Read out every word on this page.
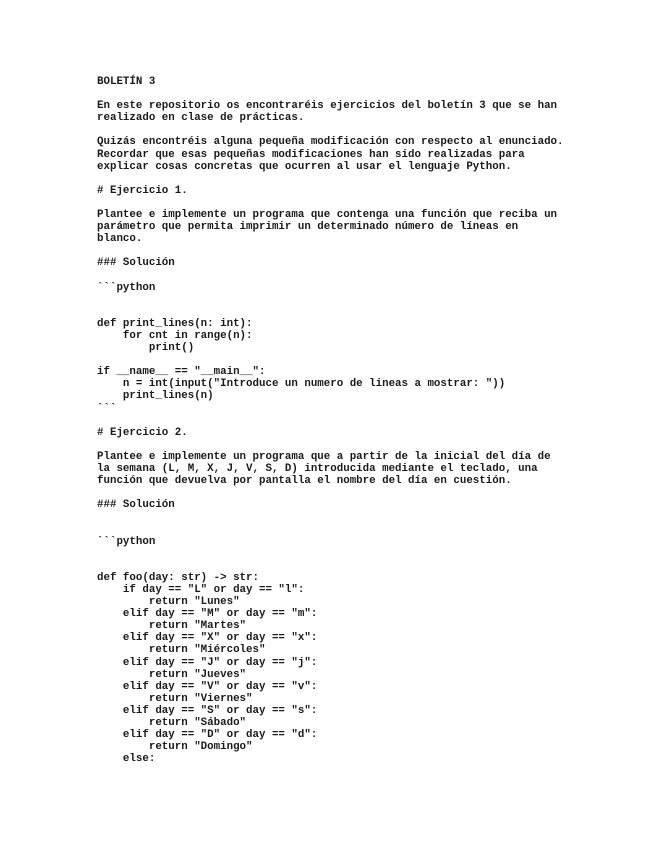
BOLETÍN 3
En este repositorio os encontraréis ejercicios del boletín 3 que se han
realizado en clase de prácticas.
Quizás encontréis alguna pequeña modificación con respecto al enunciado.
Recordar que esas pequeñas modificaciones han sido realizadas para
explicar cosas concretas que ocurren al usar el lenguaje Python.
# Ejercicio 1.
Plantee e implemente un programa que contenga una función que reciba un
parámetro que permita imprimir un determinado número de líneas en
blanco.
### Solución
```python
def print_lines(n: int):
for cnt in range(n):
print()
if __name__ == "__main__":
n = int(input("Introduce un numero de lineas a mostrar: "))
print_lines(n)
```
# Ejercicio 2.
Plantee e implemente un programa que a partir de la inicial del día de
la semana (L, M, X, J, V, S, D) introducida mediante el teclado, una
función que devuelva por pantalla el nombre del día en cuestión.
### Solución
```python
def foo(day: str) -> str:
if day == "L" or day == "l":
return "Lunes"
elif day == "M" or day == "m":
return "Martes"
elif day == "X" or day == "x":
return "Miércoles"
elif day == "J" or day == "j":
return "Jueves"
elif day == "V" or day == "v":
return "Viernes"
elif day == "S" or day == "s":
return "Sábado"
elif day == "D" or day == "d":
return "Domingo"
else:
